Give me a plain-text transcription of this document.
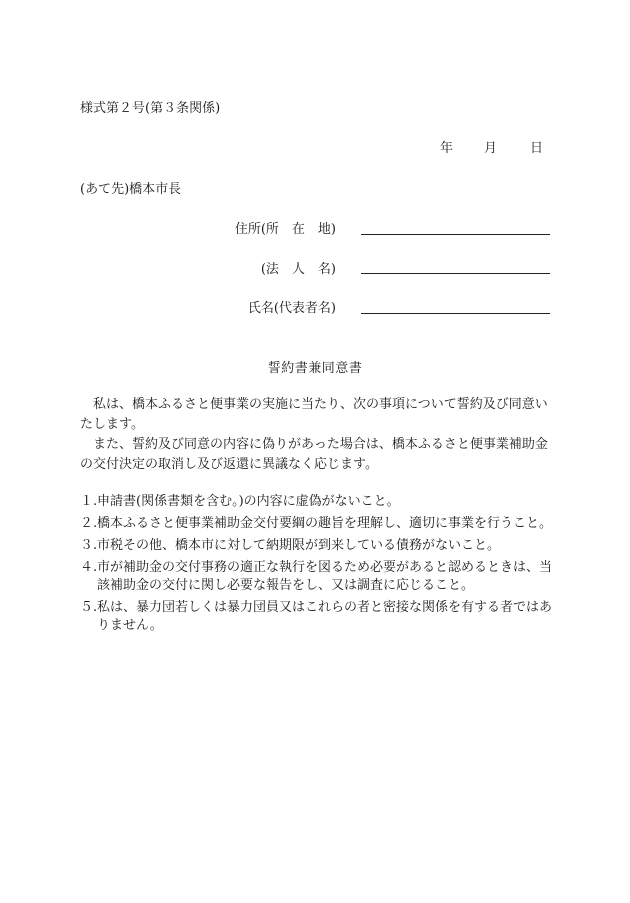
様式第２号(第３条関係)
年 月	日
(あて先)橋本市長
住所(所　在　地)
(法　人　名)
氏名(代表者名)
誓約書兼同意書
　私は、橋本ふるさと便事業の実施に当たり、次の事項について誓約及び同意いたします。
　また、誓約及び同意の内容に偽りがあった場合は、橋本ふるさと便事業補助金の交付決定の取消し及び返還に異議なく応じます。
１. 申請書(関係書類を含む。)の内容に虚偽がないこと。
２. 橋本ふるさと便事業補助金交付要綱の趣旨を理解し、適切に事業を行うこと。
３. 市税その他、橋本市に対して納期限が到来している債務がないこと。
４. 市が補助金の交付事務の適正な執行を図るため必要があると認めるときは、当該補助金の交付に関し必要な報告をし、又は調査に応じること。
５. 私は、暴力団若しくは暴力団員又はこれらの者と密接な関係を有する者ではありません。
